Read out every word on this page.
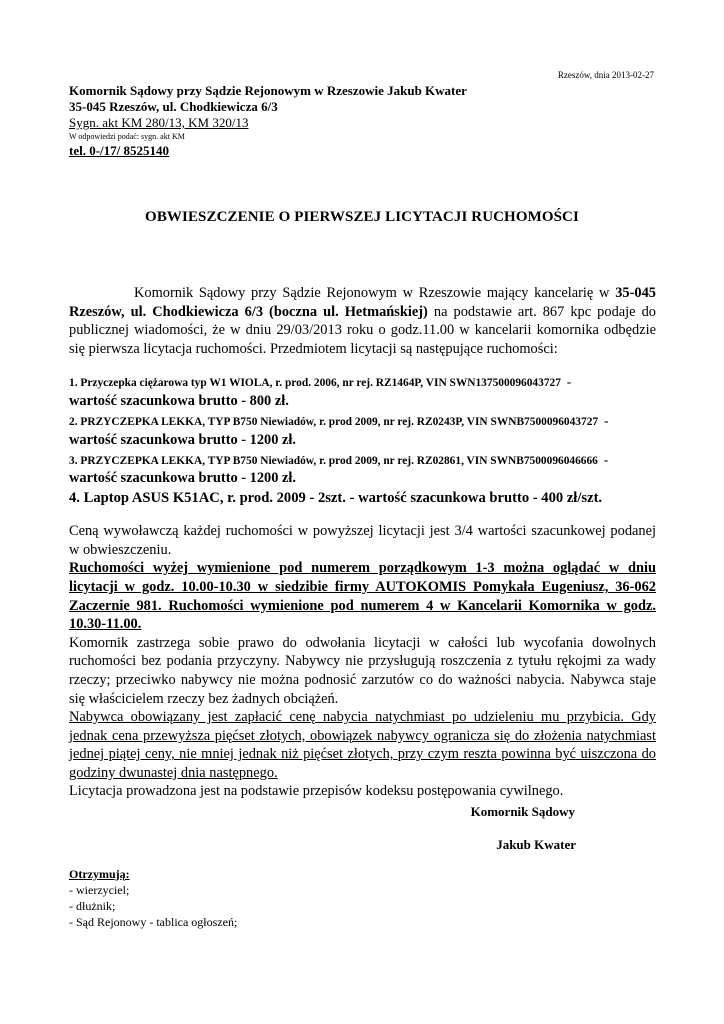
Rzeszów, dnia 2013-02-27
Komornik Sądowy przy Sądzie Rejonowym w Rzeszowie Jakub Kwater
35-045 Rzeszów, ul. Chodkiewicza 6/3
Sygn. akt KM 280/13, KM 320/13
W odpowiedzi podać: sygn. akt KM
tel. 0-/17/ 8525140
OBWIESZCZENIE O PIERWSZEJ LICYTACJI RUCHOMOŚCI
Komornik Sądowy przy Sądzie Rejonowym w Rzeszowie mający kancelarię w 35-045 Rzeszów, ul. Chodkiewicza 6/3 (boczna ul. Hetmańskiej) na podstawie art. 867 kpc podaje do publicznej wiadomości, że w dniu 29/03/2013 roku o godz.11.00 w kancelarii komornika odbędzie się pierwsza licytacja ruchomości. Przedmiotem licytacji są następujące ruchomości:
1. Przyczepka ciężarowa typ W1 WIOLA, r. prod. 2006, nr rej. RZ1464P, VIN SWN137500096043727 -
wartość szacunkowa brutto - 800 zł.
2. PRZYCZEPKA LEKKA, TYP B750 Niewiadów, r. prod 2009, nr rej. RZ0243P, VIN SWNB7500096043727 -
wartość szacunkowa brutto - 1200 zł.
3. PRZYCZEPKA LEKKA, TYP B750 Niewiadów, r. prod 2009, nr rej. RZ02861, VIN SWNB7500096046666 -
wartość szacunkowa brutto - 1200 zł.
4. Laptop ASUS K51AC, r. prod. 2009 - 2szt. - wartość szacunkowa brutto - 400 zł/szt.
Ceną wywoławczą każdej ruchomości w powyższej licytacji jest 3/4 wartości szacunkowej podanej w obwieszczeniu.
Ruchomości wyżej wymienione pod numerem porządkowym 1-3 można oglądać w dniu licytacji w godz. 10.00-10.30 w siedzibie firmy AUTOKOMIS Pomykała Eugeniusz, 36-062 Zaczernie 981. Ruchomości wymienione pod numerem 4 w Kancelarii Komornika w godz. 10.30-11.00.
Komornik zastrzega sobie prawo do odwołania licytacji w całości lub wycofania dowolnych ruchomości bez podania przyczyny. Nabywcy nie przysługują roszczenia z tytułu rękojmi za wady rzeczy; przeciwko nabywcy nie można podnosić zarzutów co do ważności nabycia. Nabywca staje się właścicielem rzeczy bez żadnych obciążeń.
Nabywca obowiązany jest zapłacić cenę nabycia natychmiast po udzieleniu mu przybicia. Gdy jednak cena przewyższa pięćset złotych, obowiązek nabywcy ogranicza się do złożenia natychmiast jednej piątej ceny, nie mniej jednak niż pięćset złotych, przy czym reszta powinna być uiszczona do godziny dwunastej dnia następnego.
Licytacja prowadzona jest na podstawie przepisów kodeksu postępowania cywilnego.
Komornik Sądowy
Jakub Kwater
Otrzymują:
- wierzyciel;
- dłużnik;
- Sąd Rejonowy - tablica ogłoszeń;
